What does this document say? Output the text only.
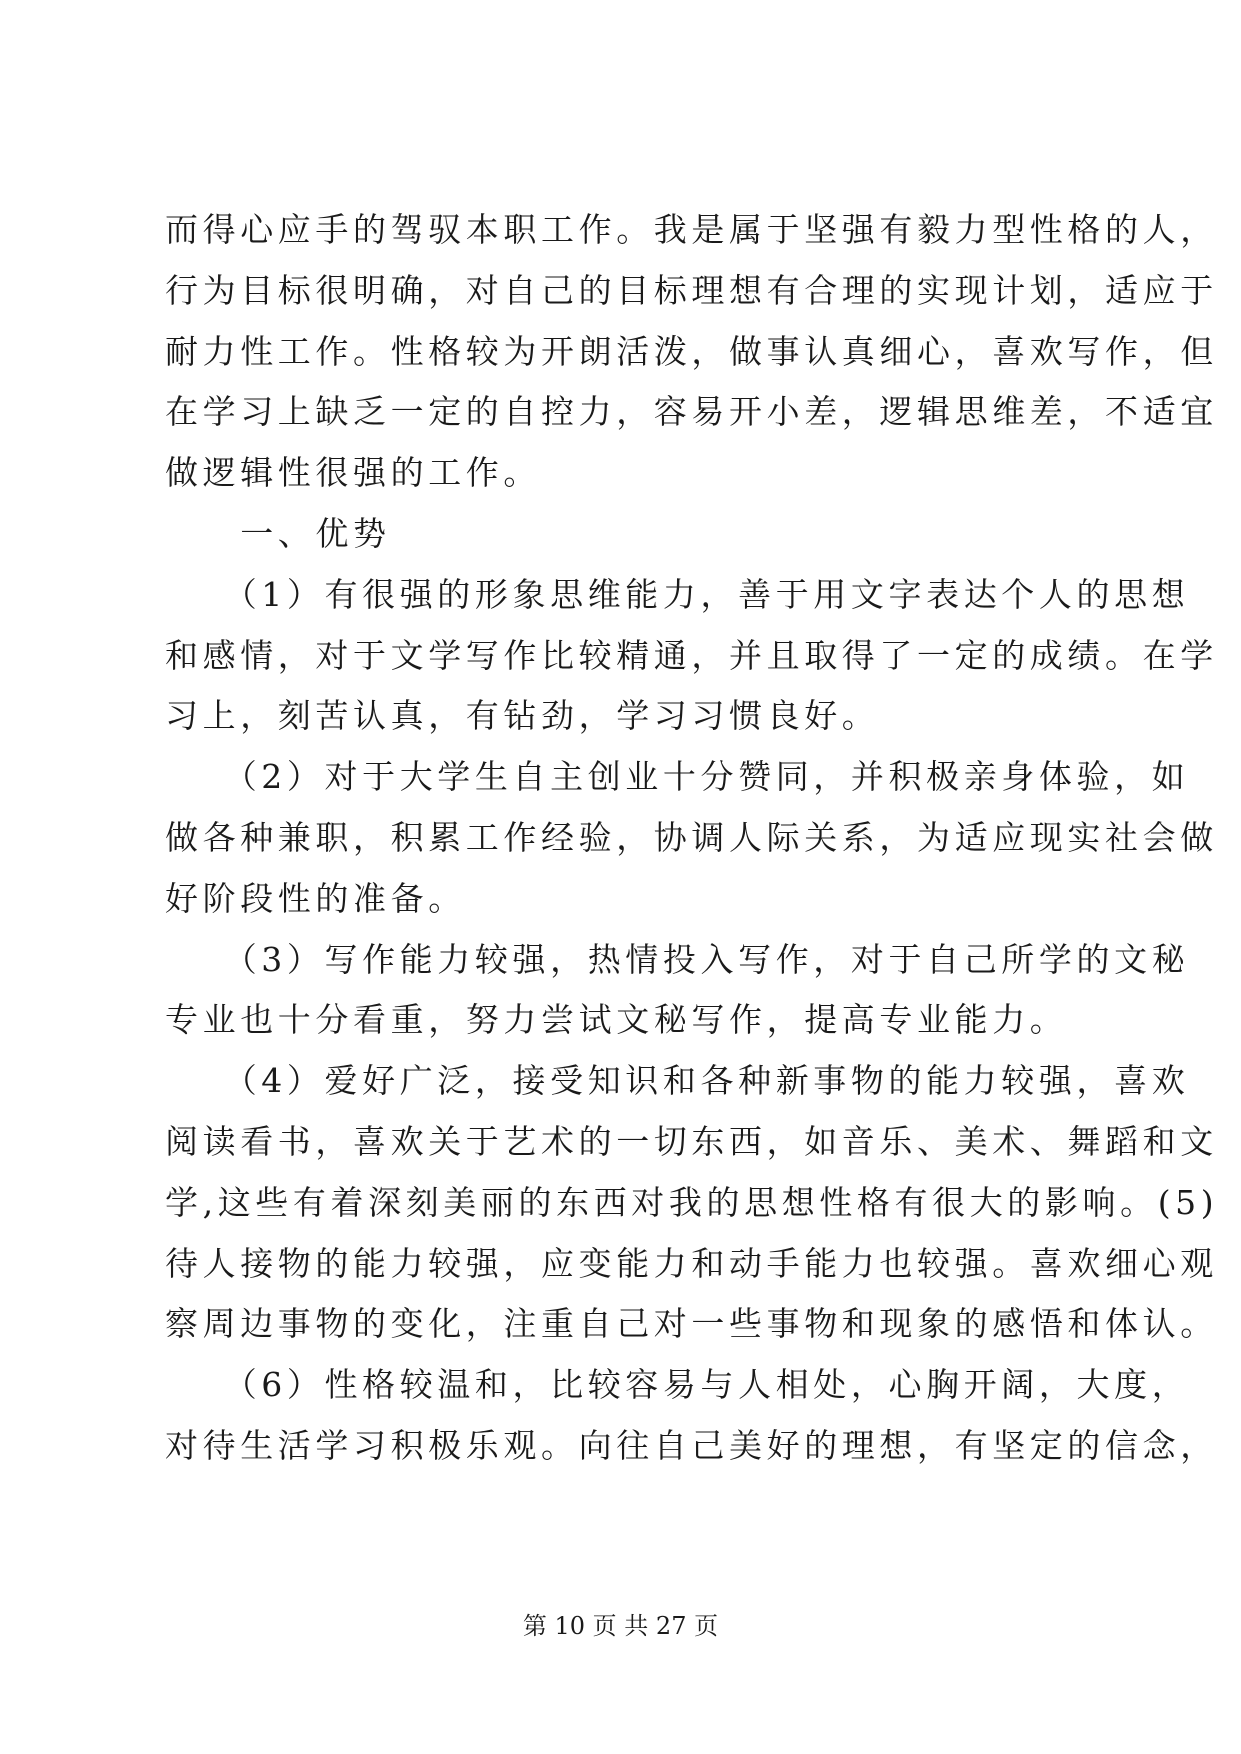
而得心应手的驾驭本职工作。我是属于坚强有毅力型性格的人，
行为目标很明确，对自己的目标理想有合理的实现计划，适应于
耐力性工作。性格较为开朗活泼，做事认真细心，喜欢写作，但
在学习上缺乏一定的自控力，容易开小差，逻辑思维差，不适宜
做逻辑性很强的工作。
　　一、优势
　　（1）有很强的形象思维能力，善于用文字表达个人的思想
和感情，对于文学写作比较精通，并且取得了一定的成绩。在学
习上，刻苦认真，有钻劲，学习习惯良好。
　　（2）对于大学生自主创业十分赞同，并积极亲身体验，如
做各种兼职，积累工作经验，协调人际关系，为适应现实社会做
好阶段性的准备。
　　（3）写作能力较强，热情投入写作，对于自己所学的文秘
专业也十分看重，努力尝试文秘写作，提高专业能力。
　　（4）爱好广泛，接受知识和各种新事物的能力较强，喜欢
阅读看书，喜欢关于艺术的一切东西，如音乐、美术、舞蹈和文
学,这些有着深刻美丽的东西对我的思想性格有很大的影响。(5)
待人接物的能力较强，应变能力和动手能力也较强。喜欢细心观
察周边事物的变化，注重自己对一些事物和现象的感悟和体认。
　　（6）性格较温和，比较容易与人相处，心胸开阔，大度，
对待生活学习积极乐观。向往自己美好的理想，有坚定的信念，
第 10 页 共 27 页
